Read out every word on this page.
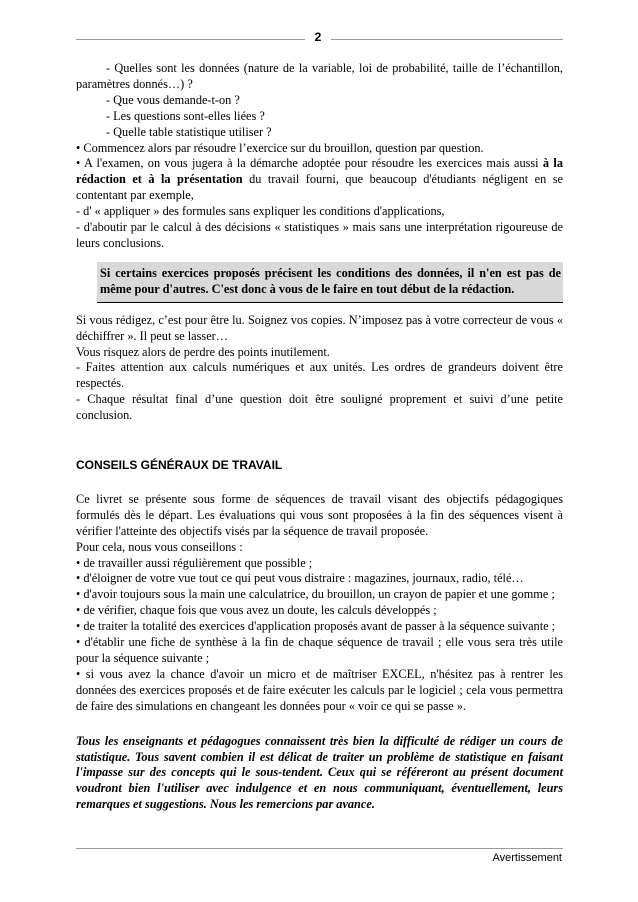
2

- Quelles sont les données (nature de la variable, loi de probabilité, taille de l’échantillon, paramètres donnés…) ?

- Que vous demande-t-on ?

- Les questions sont-elles liées ?

- Quelle table statistique utiliser ?

• Commencez alors par résoudre l’exercice sur du brouillon, question par question.

• A l'examen, on vous jugera à la démarche adoptée pour résoudre les exercices mais aussi à la rédaction et à la présentation du travail fourni, que beaucoup d'étudiants négligent en se contentant par exemple,

- d' « appliquer » des formules sans expliquer les conditions d'applications,

- d'aboutir par le calcul à des décisions « statistiques » mais sans une interprétation rigoureuse de leurs conclusions.

Si certains exercices proposés précisent les conditions des données, il n'en est pas de même pour d'autres. C'est donc à vous de le faire en tout début de la rédaction.

Si vous rédigez, c’est pour être lu. Soignez vos copies. N’imposez pas à votre correcteur de vous « déchiffrer ». Il peut se lasser…

Vous risquez alors de perdre des points inutilement.

- Faites attention aux calculs numériques et aux unités. Les ordres de grandeurs doivent être respectés.

- Chaque résultat final d’une question doit être souligné proprement et suivi d’une petite conclusion.

CONSEILS GÉNÉRAUX DE TRAVAIL

Ce livret se présente sous forme de séquences de travail visant des objectifs pédagogiques formulés dès le départ. Les évaluations qui vous sont proposées à la fin des séquences visent à vérifier l'atteinte des objectifs visés par la séquence de travail proposée.

Pour cela, nous vous conseillons :

• de travailler aussi régulièrement que possible ;

• d'éloigner de votre vue tout ce qui peut vous distraire : magazines, journaux, radio, télé…

• d'avoir toujours sous la main une calculatrice, du brouillon, un crayon de papier et une gomme ;

• de vérifier, chaque fois que vous avez un doute, les calculs développés ;

• de traiter la totalité des exercices d'application proposés avant de passer à la séquence suivante ;

• d'établir une fiche de synthèse à la fin de chaque séquence de travail ; elle vous sera très utile pour la séquence suivante ;

• si vous avez la chance d'avoir un micro et de maîtriser EXCEL, n'hésitez pas à rentrer les données des exercices proposés et de faire exécuter les calculs par le logiciel ; cela vous permettra de faire des simulations en changeant les données pour « voir ce qui se passe ».

Tous les enseignants et pédagogues connaissent très bien la difficulté de rédiger un cours de statistique. Tous savent combien il est délicat de traiter un problème de statistique en faisant l'impasse sur des concepts qui le sous-tendent. Ceux qui se référeront au présent document voudront bien l'utiliser avec indulgence et en nous communiquant, éventuellement, leurs remarques et suggestions. Nous les remercions par avance.

Avertissement
